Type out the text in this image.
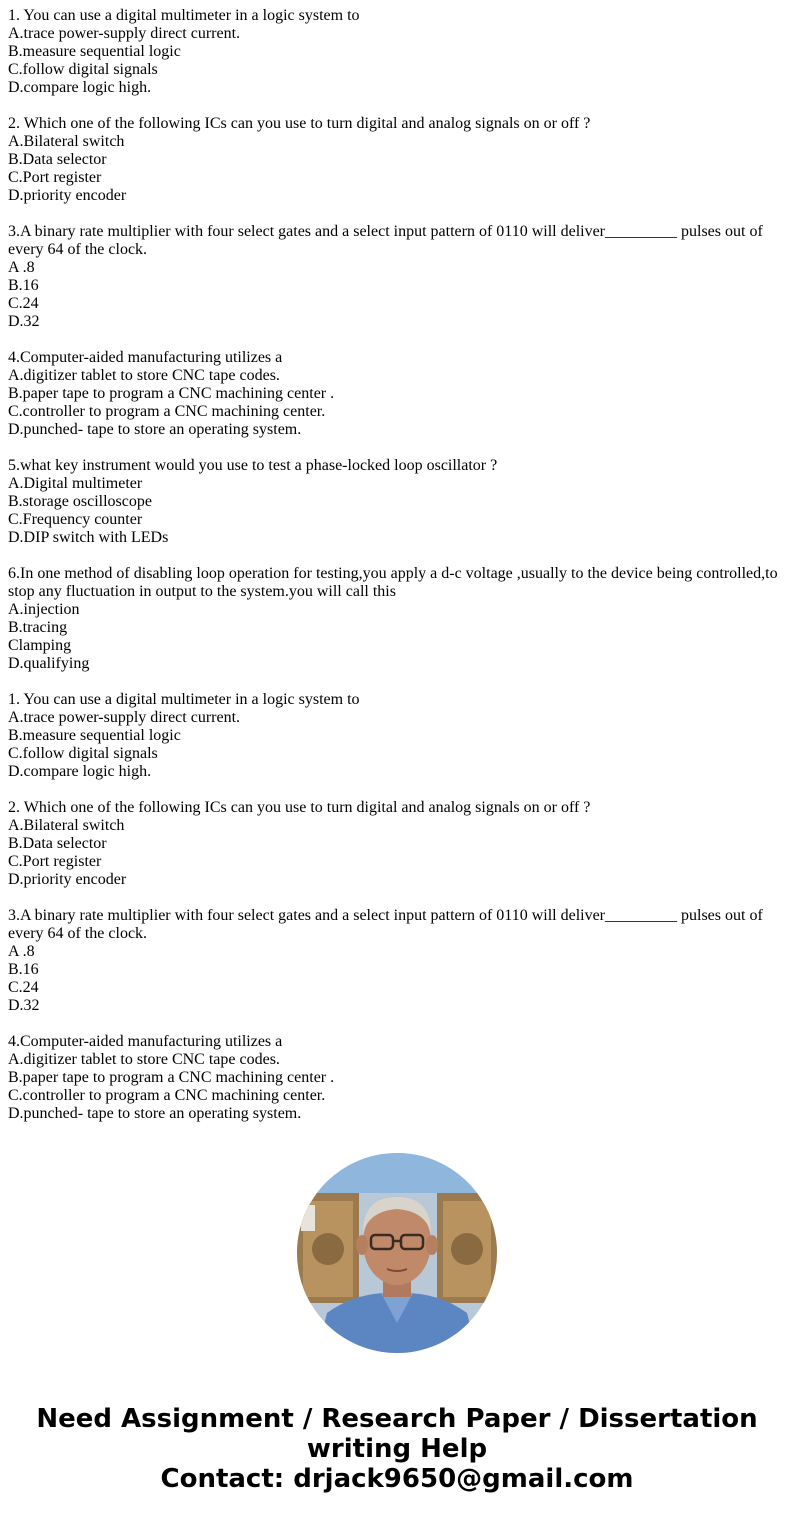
1. You can use a digital multimeter in a logic system to
A.trace power-supply direct current.
B.measure sequential logic
C.follow digital signals
D.compare logic high.
2. Which one of the following ICs can you use to turn digital and analog signals on or off ?
A.Bilateral switch
B.Data selector
C.Port register
D.priority encoder
3.A binary rate multiplier with four select gates and a select input pattern of 0110 will deliver_________ pulses out of every 64 of the clock.
A .8
B.16
C.24
D.32
4.Computer-aided manufacturing utilizes a
A.digitizer tablet to store CNC tape codes.
B.paper tape to program a CNC machining center .
C.controller to program a CNC machining center.
D.punched- tape to store an operating system.
5.what key instrument would you use to test a phase-locked loop oscillator ?
A.Digital multimeter
B.storage oscilloscope
C.Frequency counter
D.DIP switch with LEDs
6.In one method of disabling loop operation for testing,you apply a d-c voltage ,usually to the device being controlled,to stop any fluctuation in output to the system.you will call this
A.injection
B.tracing
Clamping
D.qualifying
1. You can use a digital multimeter in a logic system to
A.trace power-supply direct current.
B.measure sequential logic
C.follow digital signals
D.compare logic high.
2. Which one of the following ICs can you use to turn digital and analog signals on or off ?
A.Bilateral switch
B.Data selector
C.Port register
D.priority encoder
3.A binary rate multiplier with four select gates and a select input pattern of 0110 will deliver_________ pulses out of every 64 of the clock.
A .8
B.16
C.24
D.32
4.Computer-aided manufacturing utilizes a
A.digitizer tablet to store CNC tape codes.
B.paper tape to program a CNC machining center .
C.controller to program a CNC machining center.
D.punched- tape to store an operating system.
Need Assignment / Research Paper / Dissertation
writing Help
Contact: drjack9650@gmail.com
